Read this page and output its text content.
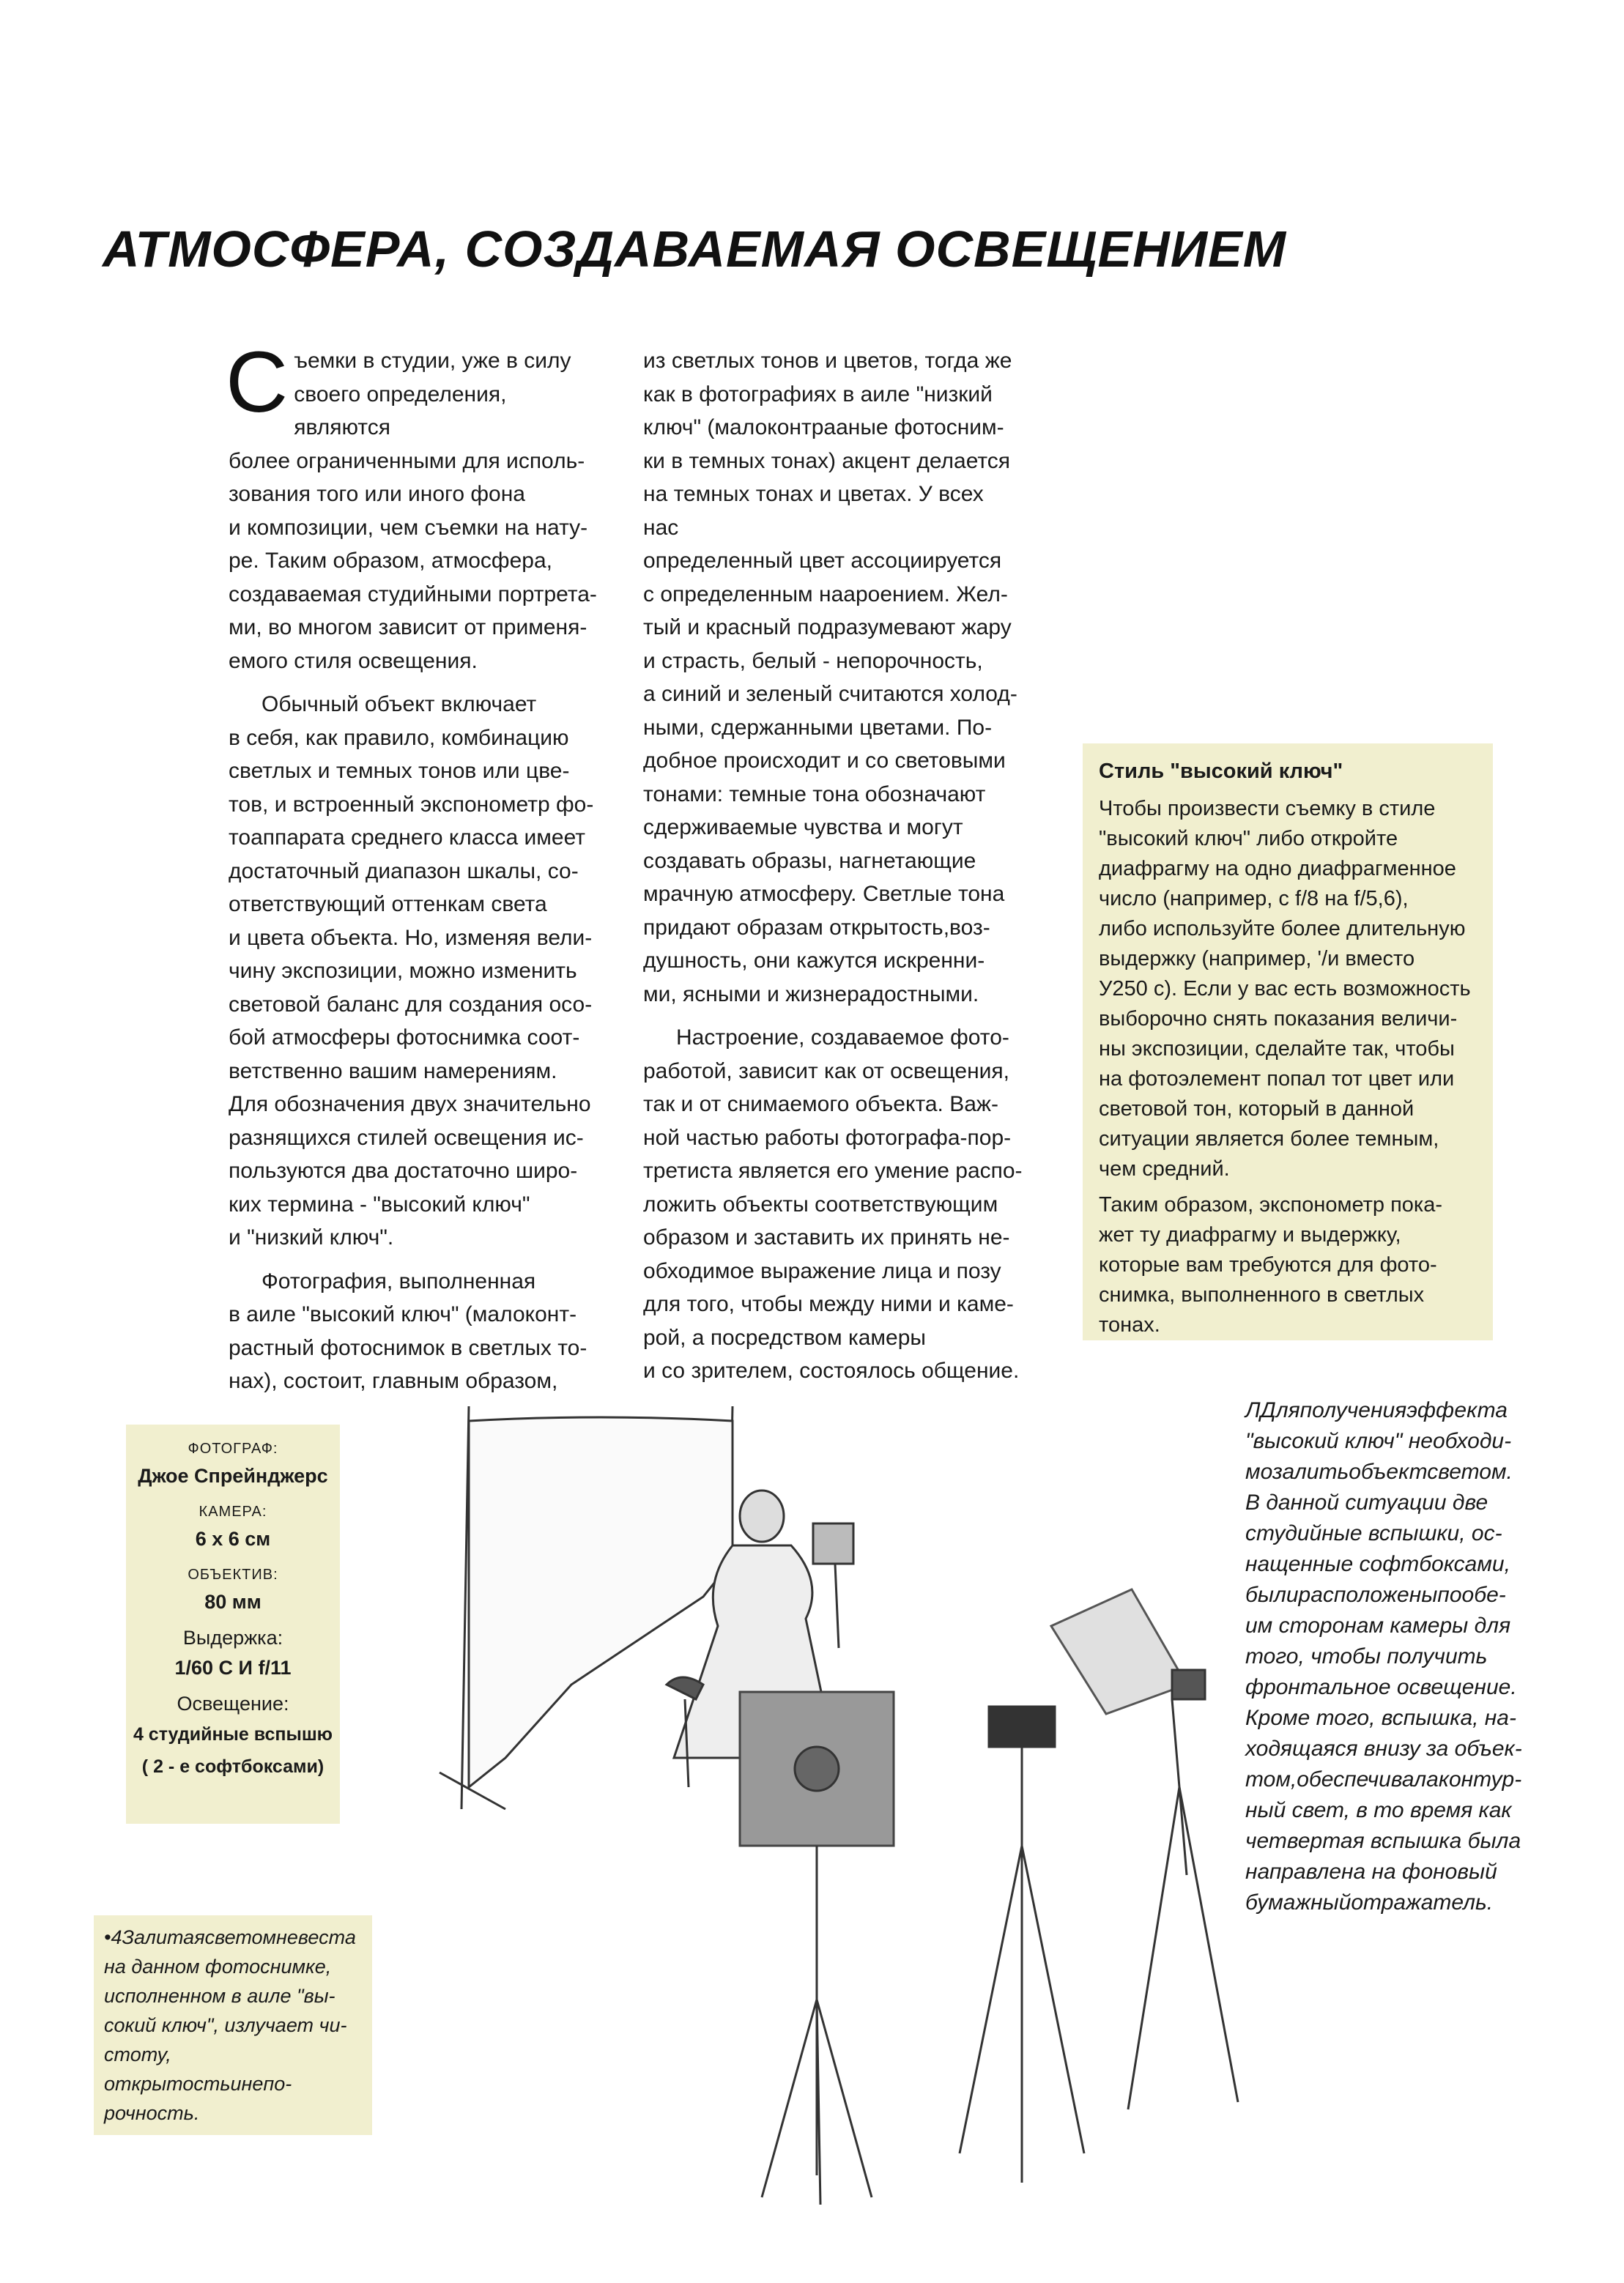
АТМОСФЕРА, СОЗДАВАЕМАЯ ОСВЕЩЕНИЕМ
С ъемки в студии, уже в силу

своего определения, являются

более ограниченными для исполь-

зования того или иного фона

и композиции, чем съемки на нату-

ре. Таким образом, атмосфера,

создаваемая студийными портрета-

ми, во многом зависит от применя-

емого стиля освещения.

Обычный объект включает

в себя, как правило, комбинацию

светлых и темных тонов или цве-

тов, и встроенный экспонометр фо-

тоаппарата среднего класса имеет

достаточный диапазон шкалы, со-

ответствующий оттенкам света

и цвета объекта. Но, изменяя вели-

чину экспозиции, можно изменить

световой баланс для создания осо-

бой атмосферы фотоснимка соот-

ветственно вашим намерениям.

Для обозначения двух значительно

разнящихся стилей освещения ис-

пользуются два достаточно широ-

ких термина - "высокий ключ"

и "низкий ключ".

Фотография, выполненная

в аиле "высокий ключ" (малоконт-

растный фотоснимок в светлых то-

нах), состоит, главным образом,

из светлых тонов и цветов, тогда же

как в фотографиях в аиле "низкий

ключ" (малоконтрааные фотосним-

ки в темных тонах) акцент делается

на темных тонах и цветах. У всех нас

определенный цвет ассоциируется

с определенным наароением. Жел-

тый и красный подразумевают жару

и страсть, белый - непорочность,

а синий и зеленый считаются холод-

ными, сдержанными цветами. По-

добное происходит и со световыми

тонами: темные тона обозначают

сдерживаемые чувства и могут

создавать образы, нагнетающие

мрачную атмосферу. Светлые тона

придают образам открытость,воз-

душность, они кажутся искренни-

ми, ясными и жизнерадостными.

Настроение, создаваемое фото-

работой, зависит как от освещения,

так и от снимаемого объекта. Важ-

ной частью работы фотографа-пор-

третиста является его умение распо-

ложить объекты соответствующим

образом и заставить их принять не-

обходимое выражение лица и позу

для того, чтобы между ними и каме-

рой, а посредством камеры

и со зрителем, состоялось общение.

Стиль "высокий ключ"

Чтобы произвести съемку в стиле

"высокий ключ" либо откройте

диафрагму на одно диафрагменное

число (например, с f/8 на f/5,6),

либо используйте более длительную

выдержку (например, '/и вместо

У250 с). Если у вас есть возможность

выборочно снять показания величи-

ны экспозиции, сделайте так, чтобы

на фотоэлемент попал тот цвет или

световой тон, который в данной

ситуации является более темным,

чем средний.

Таким образом, экспонометр пока-

жет ту диафрагму и выдержку,

которые вам требуются для фото-

снимка, выполненного в светлых

тонах.

ФОТОГРАФ:
Джое Спрейнджерс
КАМЕРА:
6 x 6 см
ОБЪЕКТИВ:
80 мм
Выдержка:
1/60 С И f/11
Освещение:
4 студийные вспышю
( 2 - е софтбоксами)
ЛДляполученияэффекта
"высокий ключ" необходи-
мозалитьобъектсветом.
В данной ситуации две
студийные вспышки, ос-
нащенные софтбоксами,
былирасположеныпообе-
им сторонам камеры для
того, чтобы получить
фронтальное освещение.
Кроме того, вспышка, на-
ходящаяся внизу за объек-
том,обеспечивалаконтур-
ный свет, в то время как
четвертая вспышка была
направлена на фоновый
бумажныйотражатель.
•4Залитаясветомневеста
на данном фотоснимке,
исполненном в аиле "вы-
сокий ключ", излучает чи-
стоту, открытостьинепо-
рочность.
